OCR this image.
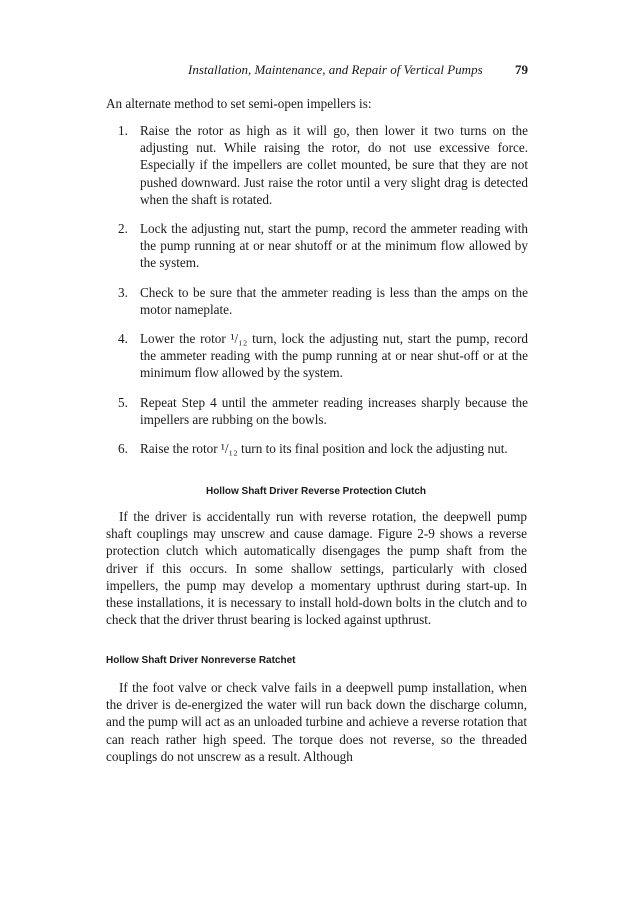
Installation, Maintenance, and Repair of Vertical Pumps 79
An alternate method to set semi-open impellers is:
1. Raise the rotor as high as it will go, then lower it two turns on the adjusting nut. While raising the rotor, do not use excessive force. Especially if the impellers are collet mounted, be sure that they are not pushed downward. Just raise the rotor until a very slight drag is detected when the shaft is rotated.
2. Lock the adjusting nut, start the pump, record the ammeter reading with the pump running at or near shutoff or at the minimum flow allowed by the system.
3. Check to be sure that the ammeter reading is less than the amps on the motor nameplate.
4. Lower the rotor ¹/₁₂ turn, lock the adjusting nut, start the pump, record the ammeter reading with the pump running at or near shut-off or at the minimum flow allowed by the system.
5. Repeat Step 4 until the ammeter reading increases sharply because the impellers are rubbing on the bowls.
6. Raise the rotor ¹/₁₂ turn to its final position and lock the adjusting nut.
Hollow Shaft Driver Reverse Protection Clutch

If the driver is accidentally run with reverse rotation, the deepwell pump shaft couplings may unscrew and cause damage. Figure 2-9 shows a reverse protection clutch which automatically disengages the pump shaft from the driver if this occurs. In some shallow settings, particularly with closed impellers, the pump may develop a momentary upthrust during start-up. In these installations, it is necessary to install hold-down bolts in the clutch and to check that the driver thrust bearing is locked against upthrust.

Hollow Shaft Driver Nonreverse Ratchet

If the foot valve or check valve fails in a deepwell pump installation, when the driver is de-energized the water will run back down the discharge column, and the pump will act as an unloaded turbine and achieve a reverse rotation that can reach rather high speed. The torque does not reverse, so the threaded couplings do not unscrew as a result. Although
